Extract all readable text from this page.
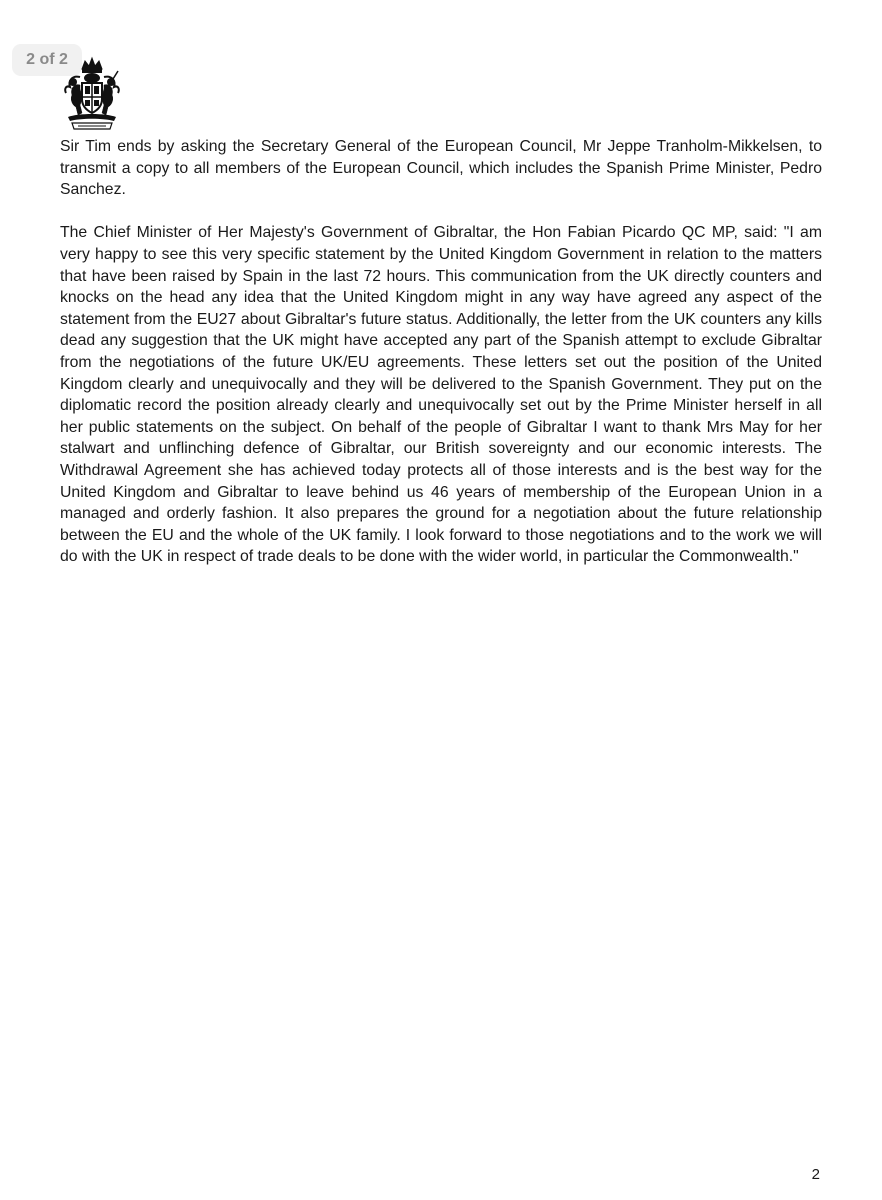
2 of 2

Sir Tim ends by asking the Secretary General of the European Council, Mr Jeppe Tranholm-Mikkelsen, to transmit a copy to all members of the European Council, which includes the Spanish Prime Minister, Pedro Sanchez.

The Chief Minister of Her Majesty's Government of Gibraltar, the Hon Fabian Picardo QC MP, said: "I am very happy to see this very specific statement by the United Kingdom Government in relation to the matters that have been raised by Spain in the last 72 hours. This communication from the UK directly counters and knocks on the head any idea that the United Kingdom might in any way have agreed any aspect of the statement from the EU27 about Gibraltar's future status. Additionally, the letter from the UK counters any kills dead any suggestion that the UK might have accepted any part of the Spanish attempt to exclude Gibraltar from the negotiations of the future UK/EU agreements. These letters set out the position of the United Kingdom clearly and unequivocally and they will be delivered to the Spanish Government. They put on the diplomatic record the position already clearly and unequivocally set out by the Prime Minister herself in all her public statements on the subject. On behalf of the people of Gibraltar I want to thank Mrs May for her stalwart and unflinching defence of Gibraltar, our British sovereignty and our economic interests. The Withdrawal Agreement she has achieved today protects all of those interests and is the best way for the United Kingdom and Gibraltar to leave behind us 46 years of membership of the European Union in a managed and orderly fashion. It also prepares the ground for a negotiation about the future relationship between the EU and the whole of the UK family. I look forward to those negotiations and to the work we will do with the UK in respect of trade deals to be done with the wider world, in particular the Commonwealth."

2
